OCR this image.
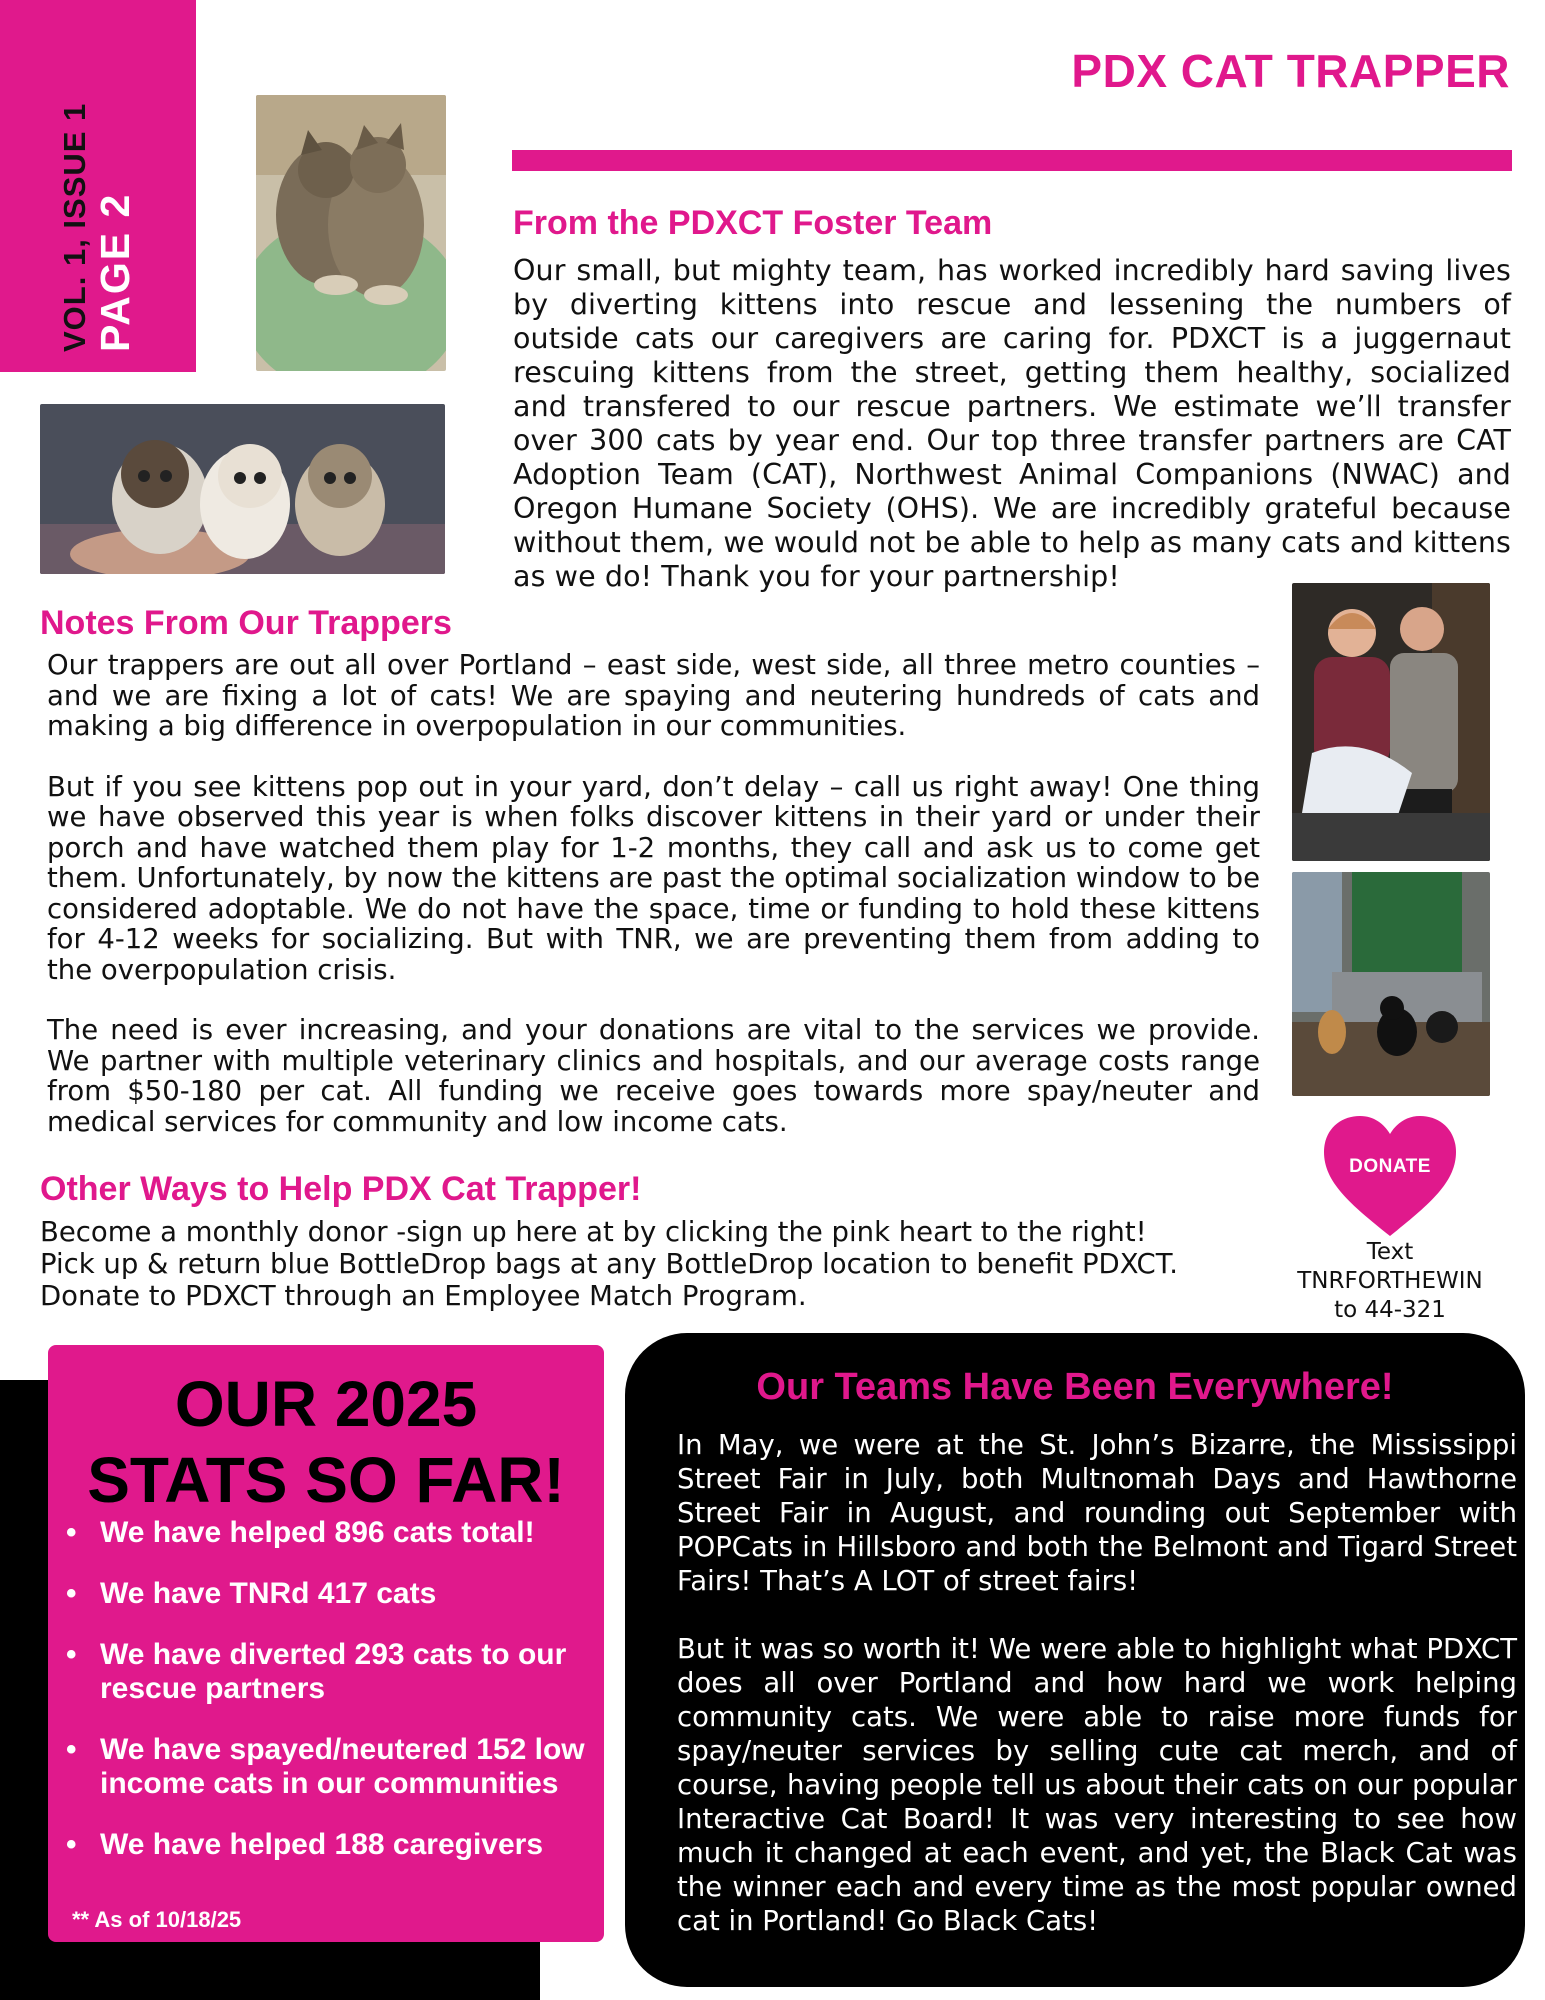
VOL. 1, ISSUE 1 PAGE 2
PDX CAT TRAPPER
From the PDXCT Foster Team
Our small, but mighty team, has worked incredibly hard saving lives by diverting kittens into rescue and lessening the numbers of outside cats our caregivers are caring for. PDXCT is a juggernaut rescuing kittens from the street, getting them healthy, socialized and transfered to our rescue partners. We estimate we’ll transfer over 300 cats by year end. Our top three transfer partners are CAT Adoption Team (CAT), Northwest Animal Companions (NWAC) and Oregon Humane Society (OHS). We are incredibly grateful because without them, we would not be able to help as many cats and kittens as we do! Thank you for your partnership!
Notes From Our Trappers

Our trappers are out all over Portland – east side, west side, all three metro counties – and we are fixing a lot of cats! We are spaying and neutering hundreds of cats and making a big difference in overpopulation in our communities.

But if you see kittens pop out in your yard, don’t delay – call us right away! One thing we have observed this year is when folks discover kittens in their yard or under their porch and have watched them play for 1-2 months, they call and ask us to come get them. Unfortunately, by now the kittens are past the optimal socialization window to be considered adoptable. We do not have the space, time or funding to hold these kittens for 4-12 weeks for socializing. But with TNR, we are preventing them from adding to the overpopulation crisis.

The need is ever increasing, and your donations are vital to the services we provide. We partner with multiple veterinary clinics and hospitals, and our average costs range from $50-180 per cat. All funding we receive goes towards more spay/neuter and medical services for community and low income cats.

Other Ways to Help PDX Cat Trapper!
Become a monthly donor -sign up here at by clicking the pink heart to the right!
Pick up & return blue BottleDrop bags at any BottleDrop location to benefit PDXCT.
Donate to PDXCT through an Employee Match Program.
DONATE
Text
TNRFORTHEWIN
to 44-321
OUR 2025
STATS SO FAR!
• We have helped 896 cats total!
• We have TNRd 417 cats
• We have diverted 293 cats to our rescue partners
• We have spayed/neutered 152 low income cats in our communities
• We have helped 188 caregivers
** As of 10/18/25
Our Teams Have Been Everywhere!

In May, we were at the St. John’s Bizarre, the Mississippi Street Fair in July, both Multnomah Days and Hawthorne Street Fair in August, and rounding out September with POPCats in Hillsboro and both the Belmont and Tigard Street Fairs! That’s A LOT of street fairs!

But it was so worth it! We were able to highlight what PDXCT does all over Portland and how hard we work helping community cats. We were able to raise more funds for spay/neuter services by selling cute cat merch, and of course, having people tell us about their cats on our popular Interactive Cat Board! It was very interesting to see how much it changed at each event, and yet, the Black Cat was the winner each and every time as the most popular owned cat in Portland! Go Black Cats!
